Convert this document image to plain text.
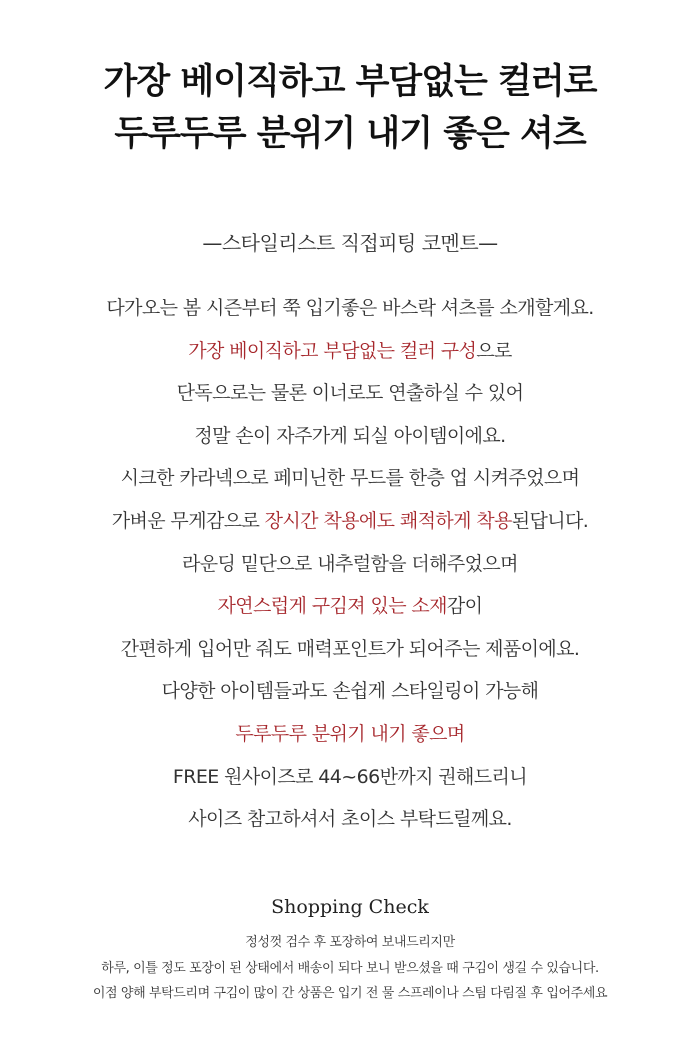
가장 베이직하고 부담없는 컬러로
두루두루 분위기 내기 좋은 셔츠
—스타일리스트 직접피팅 코멘트—
다가오는 봄 시즌부터 쭉 입기좋은 바스락 셔츠를 소개할게요.
가장 베이직하고 부담없는 컬러 구성으로
단독으로는 물론 이너로도 연출하실 수 있어
정말 손이 자주가게 되실 아이템이에요.
시크한 카라넥으로 페미닌한 무드를 한층 업 시켜주었으며
가벼운 무게감으로 장시간 착용에도 쾌적하게 착용된답니다.
라운딩 밑단으로 내추럴함을 더해주었으며
자연스럽게 구김져 있는 소재감이
간편하게 입어만 줘도 매력포인트가 되어주는 제품이에요.
다양한 아이템들과도 손쉽게 스타일링이 가능해
두루두루 분위기 내기 좋으며
FREE 원사이즈로 44~66반까지 권해드리니
사이즈 참고하셔서 초이스 부탁드릴께요.
Shopping Check
정성껏 검수 후 포장하여 보내드리지만
하루, 이틀 정도 포장이 된 상태에서 배송이 되다 보니 받으셨을 때 구김이 생길 수 있습니다.
이점 양해 부탁드리며 구김이 많이 간 상품은 입기 전 물 스프레이나 스팀 다림질 후 입어주세요
